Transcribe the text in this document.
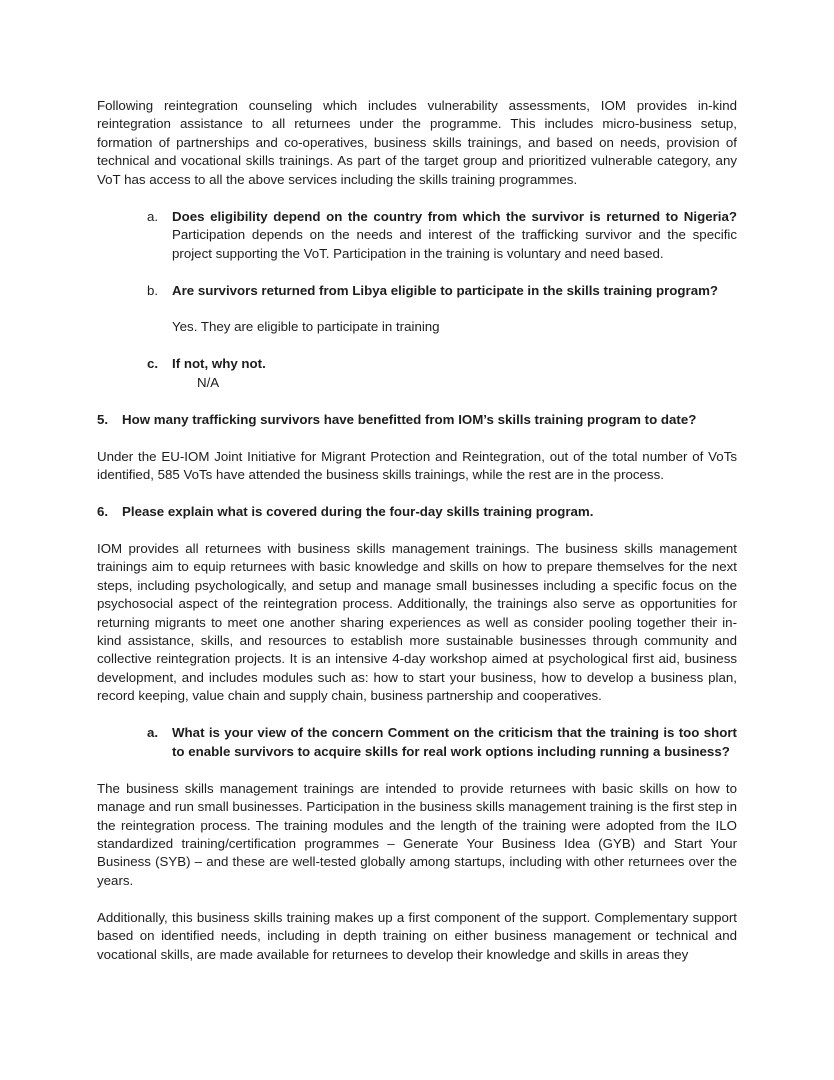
Following reintegration counseling which includes vulnerability assessments, IOM provides in-kind reintegration assistance to all returnees under the programme. This includes micro-business setup, formation of partnerships and co-operatives, business skills trainings, and based on needs, provision of technical and vocational skills trainings. As part of the target group and prioritized vulnerable category, any VoT has access to all the above services including the skills training programmes.

a. Does eligibility depend on the country from which the survivor is returned to Nigeria? Participation depends on the needs and interest of the trafficking survivor and the specific project supporting the VoT. Participation in the training is voluntary and need based.
b. Are survivors returned from Libya eligible to participate in the skills training program?

Yes. They are eligible to participate in training

c. If not, why not.
N/A
5. How many trafficking survivors have benefitted from IOM’s skills training program to date?

Under the EU-IOM Joint Initiative for Migrant Protection and Reintegration, out of the total number of VoTs identified, 585 VoTs have attended the business skills trainings, while the rest are in the process.

6. Please explain what is covered during the four-day skills training program.

IOM provides all returnees with business skills management trainings. The business skills management trainings aim to equip returnees with basic knowledge and skills on how to prepare themselves for the next steps, including psychologically, and setup and manage small businesses including a specific focus on the psychosocial aspect of the reintegration process. Additionally, the trainings also serve as opportunities for returning migrants to meet one another sharing experiences as well as consider pooling together their in-kind assistance, skills, and resources to establish more sustainable businesses through community and collective reintegration projects. It is an intensive 4-day workshop aimed at psychological first aid, business development, and includes modules such as: how to start your business, how to develop a business plan, record keeping, value chain and supply chain, business partnership and cooperatives.

a. What is your view of the concern Comment on the criticism that the training is too short to enable survivors to acquire skills for real work options including running a business?

The business skills management trainings are intended to provide returnees with basic skills on how to manage and run small businesses. Participation in the business skills management training is the first step in the reintegration process. The training modules and the length of the training were adopted from the ILO standardized training/certification programmes – Generate Your Business Idea (GYB) and Start Your Business (SYB) – and these are well-tested globally among startups, including with other returnees over the years.

Additionally, this business skills training makes up a first component of the support. Complementary support based on identified needs, including in depth training on either business management or technical and vocational skills, are made available for returnees to develop their knowledge and skills in areas they
